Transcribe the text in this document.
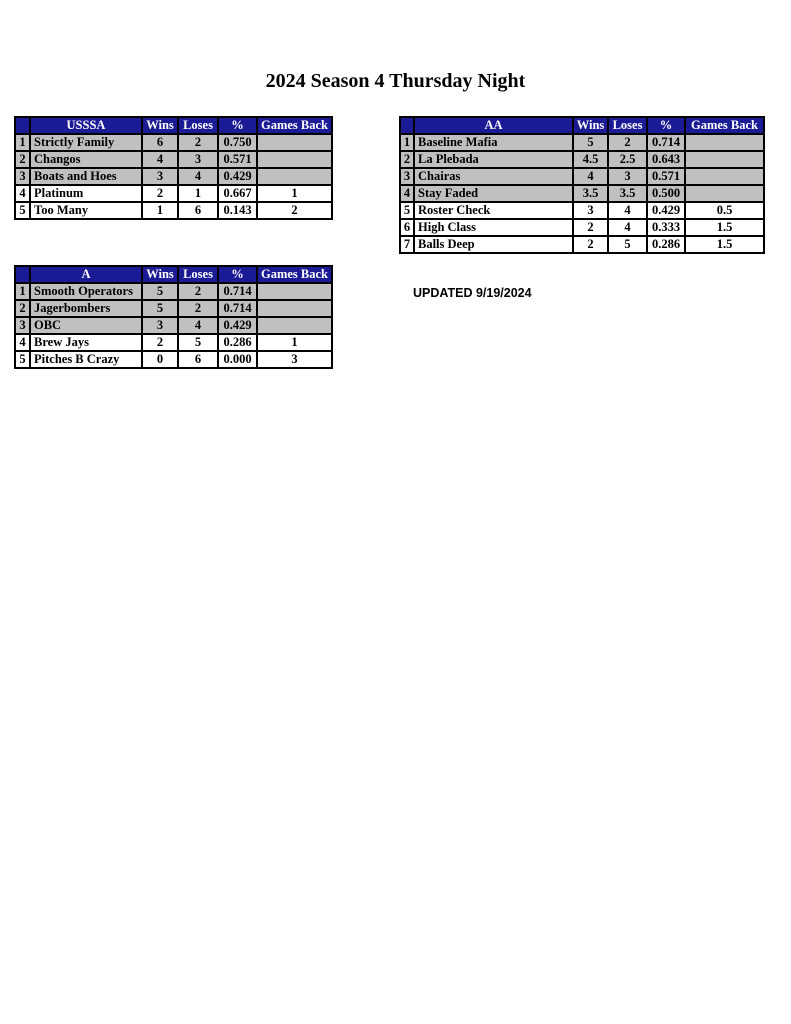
2024 Season 4 Thursday Night
	USSSA	Wins	Loses	%	Games Back
1	Strictly Family	6	2	0.750	
2	Changos	4	3	0.571	
3	Boats and Hoes	3	4	0.429	
4	Platinum	2	1	0.667	1
5	Too Many	1	6	0.143	2
	AA	Wins	Loses	%	Games Back
1	Baseline Mafia	5	2	0.714	
2	La Plebada	4.5	2.5	0.643	
3	Chairas	4	3	0.571	
4	Stay Faded	3.5	3.5	0.500	
5	Roster Check	3	4	0.429	0.5
6	High Class	2	4	0.333	1.5
7	Balls Deep	2	5	0.286	1.5
	A	Wins	Loses	%	Games Back
1	Smooth Operators	5	2	0.714	
2	Jagerbombers	5	2	0.714	
3	OBC	3	4	0.429	
4	Brew Jays	2	5	0.286	1
5	Pitches B Crazy	0	6	0.000	3
UPDATED 9/19/2024
